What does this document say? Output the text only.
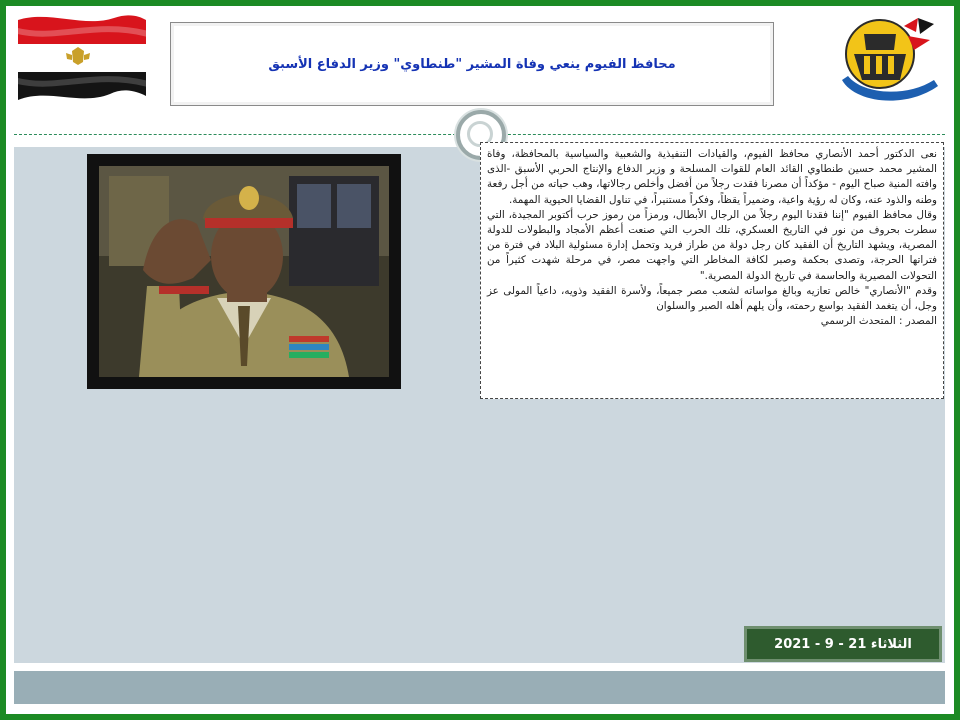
محافظ الفيوم ينعي وفاة المشير "طنطاوي" وزير الدفاع الأسبق

نعى الدكتور أحمد الأنصاري محافظ الفيوم، والقيادات التنفيذية والشعبية والسياسية بالمحافظة، وفاة المشير محمد حسين طنطاوي القائد العام للقوات المسلحة و وزير الدفاع والإنتاج الحربي الأسبق -الذى وافته المنية صباح اليوم - مؤكداً أن مصرنا فقدت رجلاً من أفضل وأخلص رجالاتها، وهب حياته من أجل رفعة وطنه والذود عنه، وكان له رؤية واعية، وضميراً يقظاً، وفكراً مستنيراً، في تناول القضايا الحيوية المهمة.

وقال محافظ الفيوم "إننا فقدنا اليوم رجلاً من الرجال الأبطال، ورمزاً من رموز حرب أكتوبر المجيدة، التي سطرت بحروف من نور في التاريخ العسكري، تلك الحرب التي صنعت أعظم الأمجاد والبطولات للدولة المصرية، ويشهد التاريخ أن الفقيد كان رجل دولة من طراز فريد وتحمل إدارة مسئولية البلاد في فترة من فتراتها الحرجة، وتصدى بحكمة وصبر لكافة المخاطر التي واجهت مصر، في مرحلة شهدت كثيراً من التحولات المصيرية والحاسمة في تاريخ الدولة المصرية."

وقدم "الأنصاري" خالص تعازيه وبالغ مواساته لشعب مصر جميعاً، ولأسرة الفقيد وذويه، داعياً المولى عز وجل، أن يتغمد الفقيد بواسع رحمته، وأن يلهم أهله الصبر والسلوان

المصدر : المتحدث الرسمي

الثلاثاء 21 - 9 - 2021
